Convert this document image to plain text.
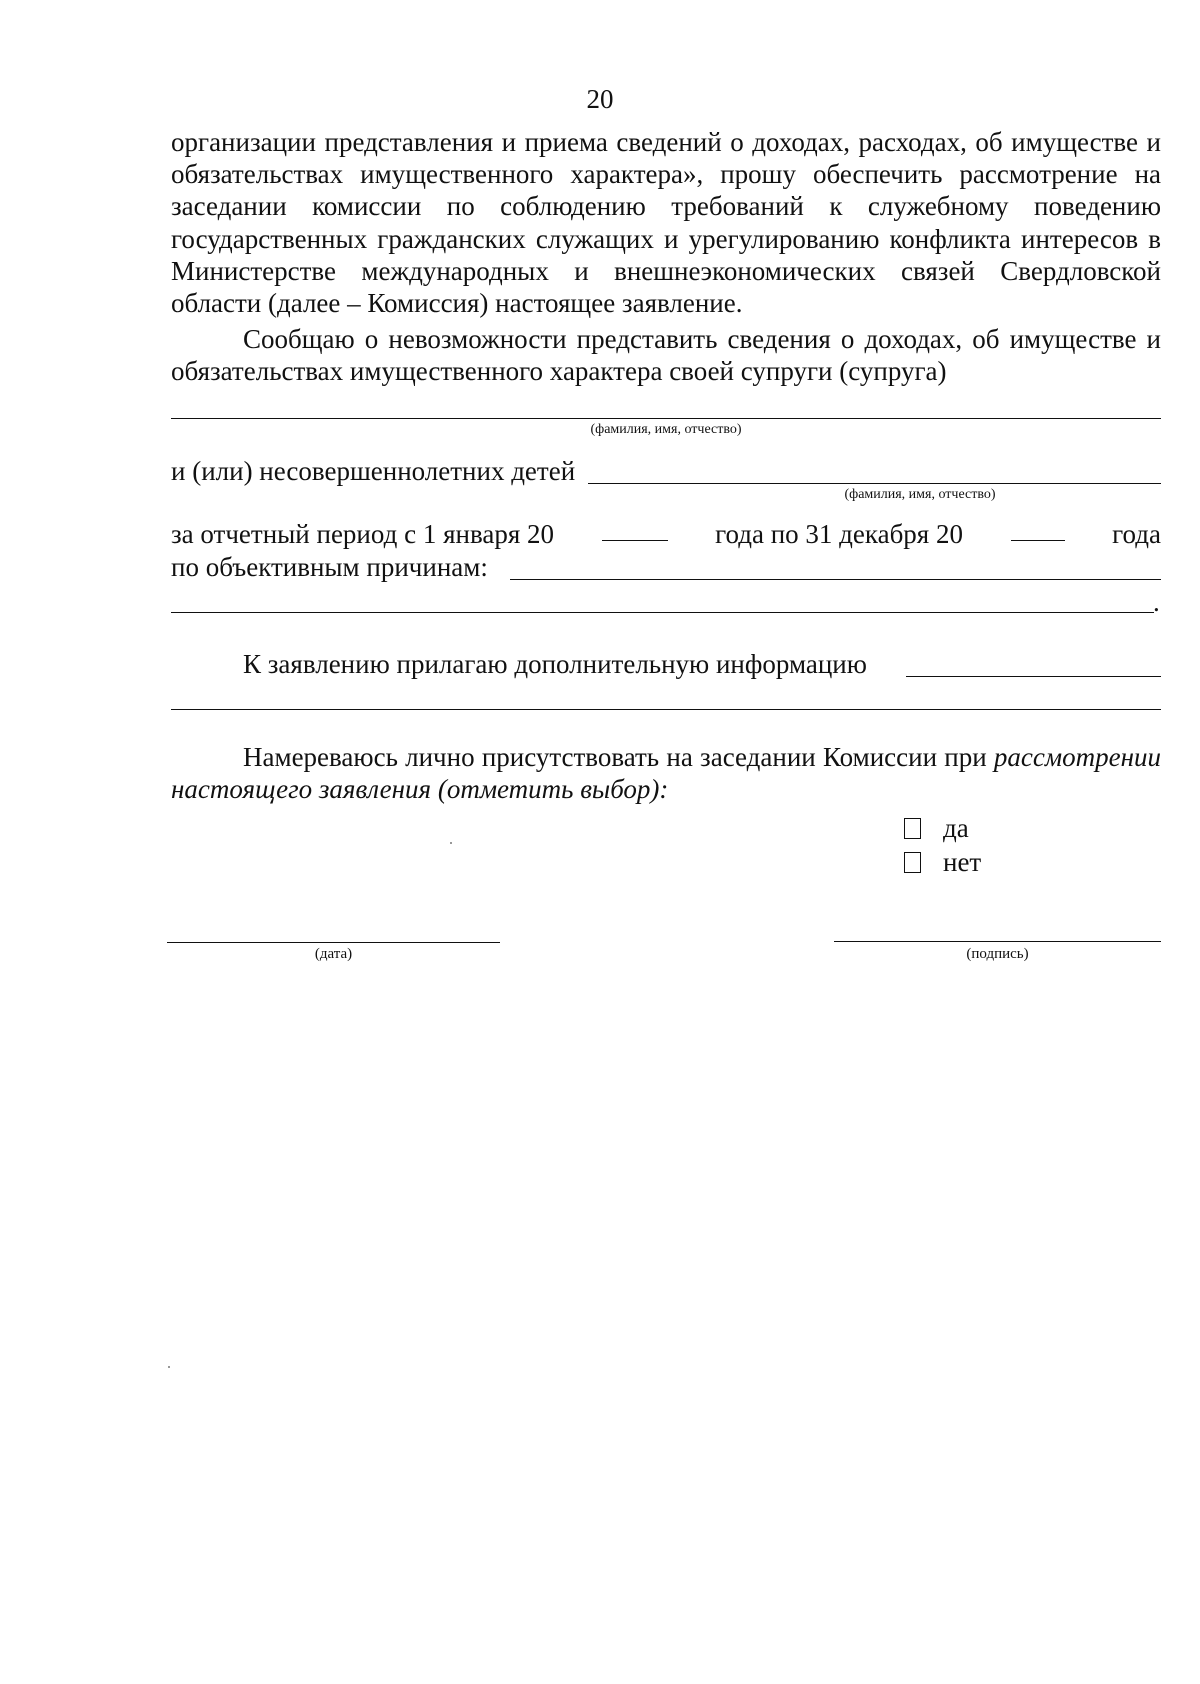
20
организации представления и приема сведений о доходах, расходах, об имуществе и обязательствах имущественного характера», прошу обеспечить рассмотрение на заседании комиссии по соблюдению требований к служебному поведению государственных гражданских служащих и урегулированию конфликта интересов в Министерстве международных и внешнеэкономических связей Свердловской области (далее – Комиссия) настоящее заявление.
Сообщаю о невозможности представить сведения о доходах, об имуществе и обязательствах имущественного характера своей супруги (супруга)
(фамилия, имя, отчество)
и (или) несовершеннолетних детей
(фамилия, имя, отчество)
за отчетный период с 1 января 20	года по 31 декабря 20	года
по объективным причинам:
.
К заявлению прилагаю дополнительную информацию
Намереваюсь лично присутствовать на заседании Комиссии при рассмотрении настоящего заявления (отметить выбор):
да
нет
(дата)	(подпись)
